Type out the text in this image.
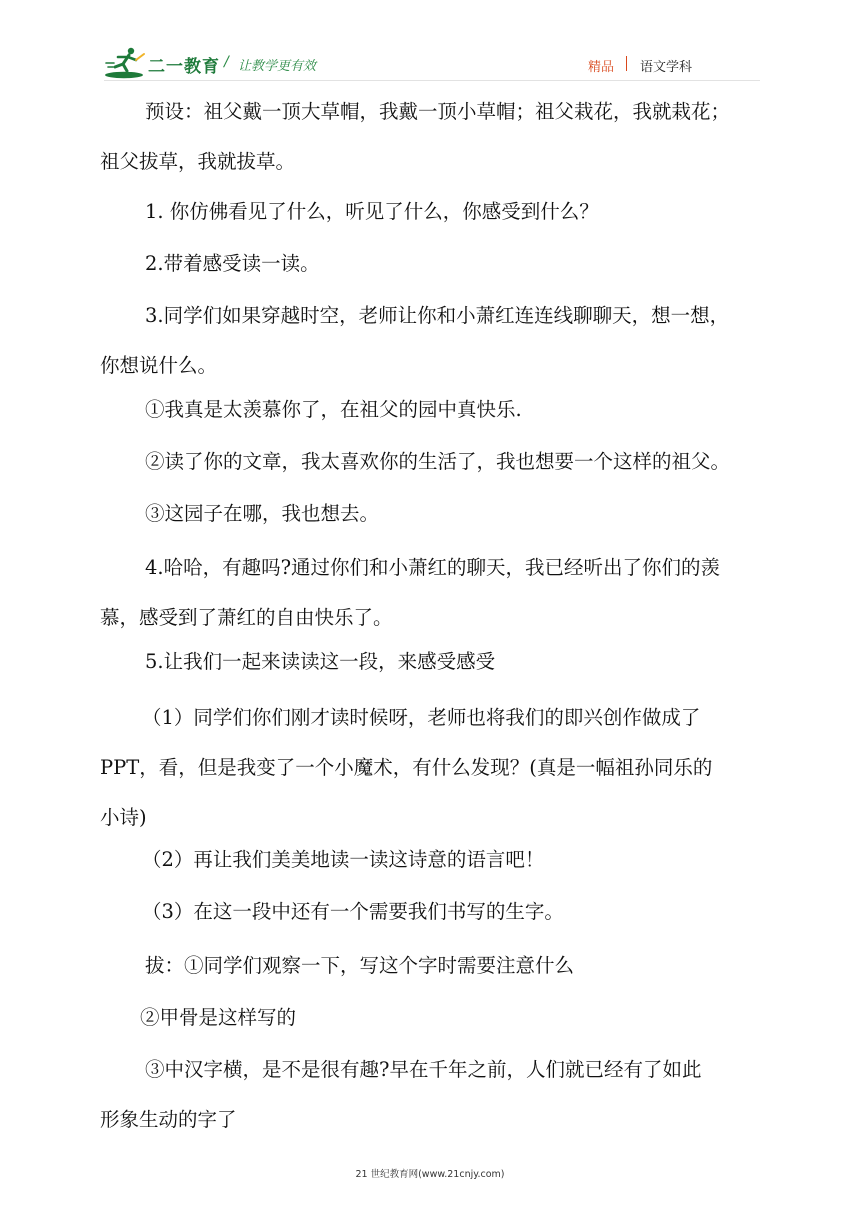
二一教育 / 让教学更有效	精品 语文学科
预设：祖父戴一顶大草帽，我戴一顶小草帽；祖父栽花，我就栽花；
祖父拔草，我就拔草。
1. 你仿佛看见了什么，听见了什么，你感受到什么？
2.带着感受读一读。
3.同学们如果穿越时空，老师让你和小萧红连连线聊聊天，想一想，
你想说什么。
①我真是太羡慕你了，在祖父的园中真快乐.
②读了你的文章，我太喜欢你的生活了，我也想要一个这样的祖父。
③这园子在哪，我也想去。
4.哈哈，有趣吗?通过你们和小萧红的聊天，我已经听出了你们的羡
慕，感受到了萧红的自由快乐了。
5.让我们一起来读读这一段，来感受感受
（1）同学们你们刚才读时候呀，老师也将我们的即兴创作做成了
PPT，看，但是我变了一个小魔术，有什么发现？(真是一幅祖孙同乐的
小诗)
（2）再让我们美美地读一读这诗意的语言吧！
（3）在这一段中还有一个需要我们书写的生字。
拔：①同学们观察一下，写这个字时需要注意什么
②甲骨是这样写的
③中汉字横，是不是很有趣?早在千年之前，人们就已经有了如此
形象生动的字了
21 世纪教育网(www.21cnjy.com)
